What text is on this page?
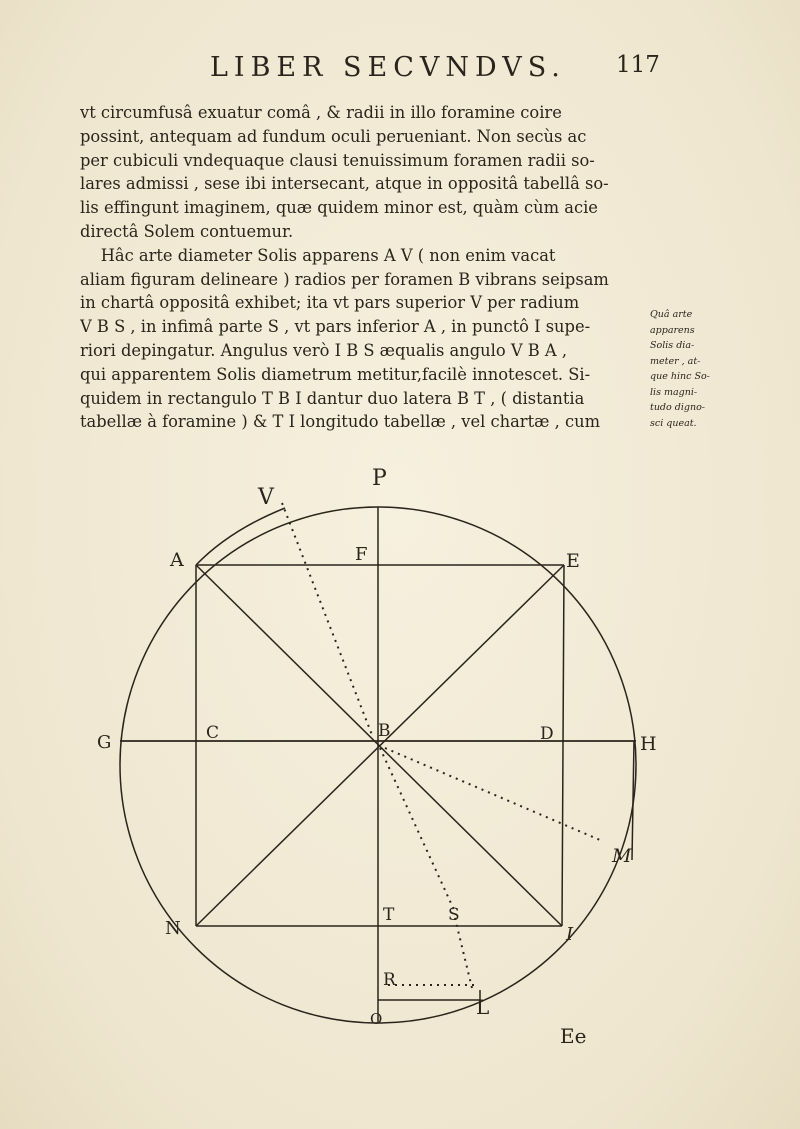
LIBER SECVNDVS. 117
vt circumfusâ exuatur comâ , & radii in illo foramine coire
possint, antequam ad fundum oculi perueniant. Non secùs ac
per cubiculi vndequaque clausi tenuissimum foramen radii so-
lares admissi , sese ibi intersecant, atque in oppositâ tabellâ so-
lis effingunt imaginem, quæ quidem minor est, quàm cùm acie
directâ Solem contuemur.
Hâc arte diameter Solis apparens A V ( non enim vacat
aliam figuram delineare ) radios per foramen B vibrans seipsam
in chartâ oppositâ exhibet; ita vt pars superior V per radium
V B S , in infimâ parte S , vt pars inferior A , in punctô I supe-
riori depingatur. Angulus verò I B S æqualis angulo V B A ,
qui apparentem Solis diametrum metitur,facilè innotescet. Si-
quidem in rectangulo T B I dantur duo latera B T , ( distantia
tabellæ à foramine ) & T I longitudo tabellæ , vel chartæ , cum
Quâ arte
apparens
Solis dia-
meter , at-
que hinc So-
lis magni-
tudo digno-
sci queat.
P
V
A	F	E
G	C	B	D	H
M
N
T	S
I
R
L
O
Ee
